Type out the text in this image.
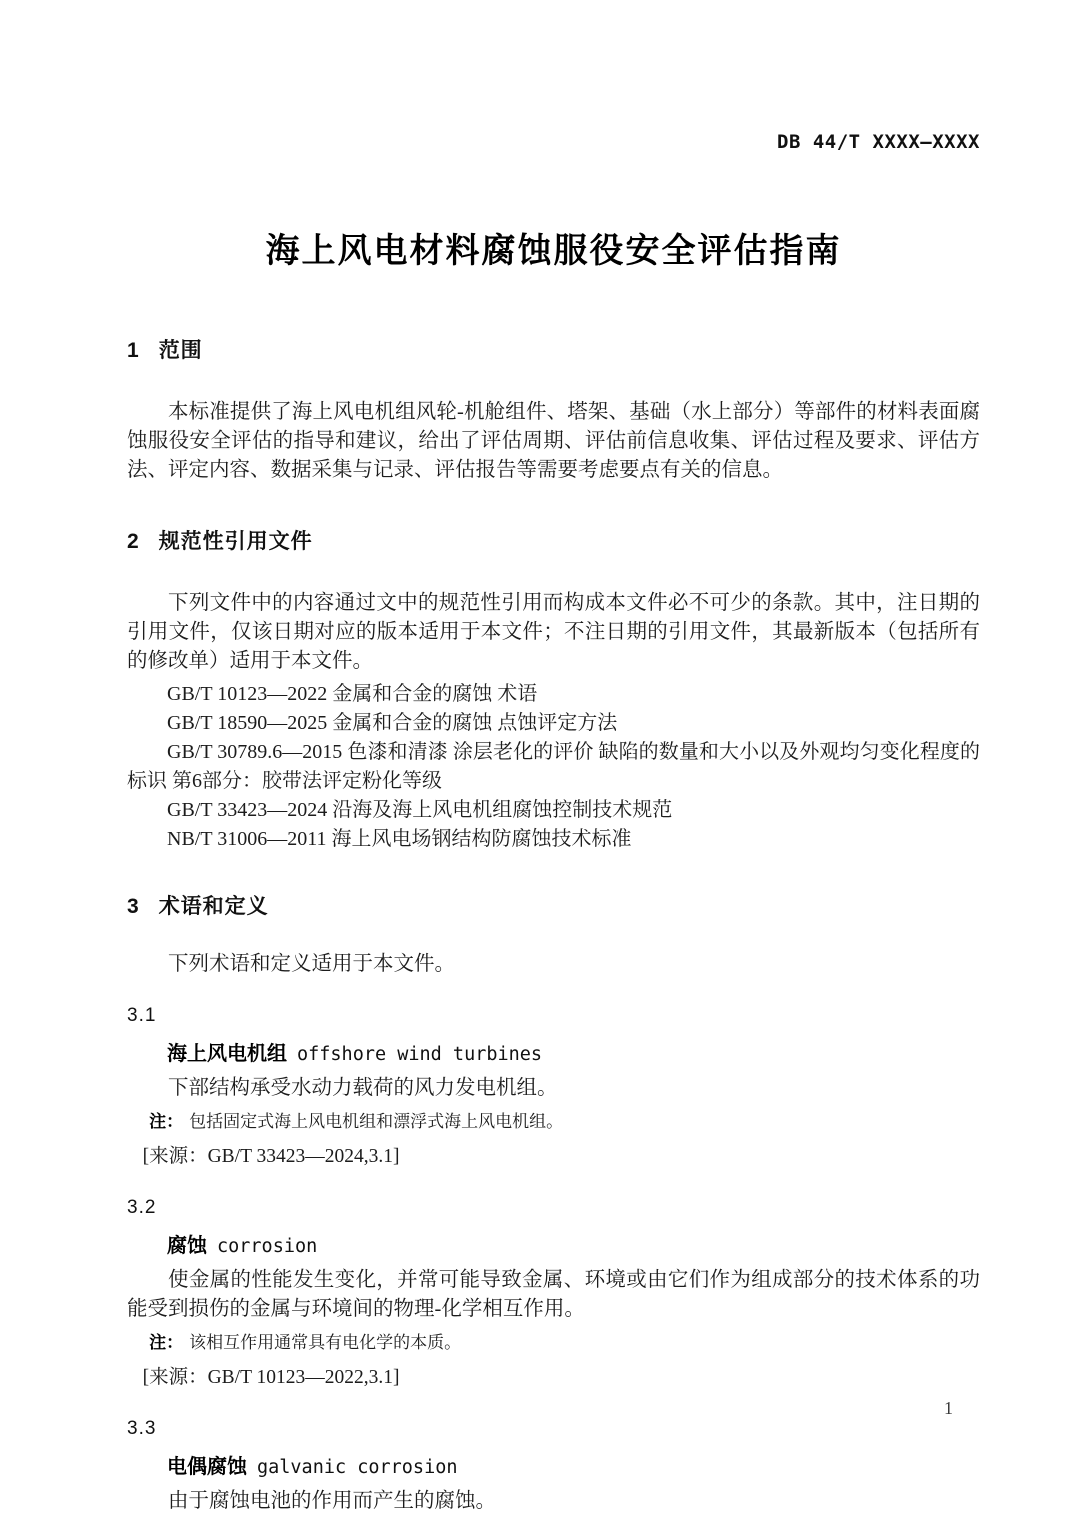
DB 44/T XXXX—XXXX
海上风电材料腐蚀服役安全评估指南
1 范围

本标准提供了海上风电机组风轮-机舱组件、塔架、基础（水上部分）等部件的材料表面腐蚀服役安全评估的指导和建议，给出了评估周期、评估前信息收集、评估过程及要求、评估方法、评定内容、数据采集与记录、评估报告等需要考虑要点有关的信息。

2 规范性引用文件

下列文件中的内容通过文中的规范性引用而构成本文件必不可少的条款。其中，注日期的引用文件，仅该日期对应的版本适用于本文件；不注日期的引用文件，其最新版本（包括所有的修改单）适用于本文件。

GB/T 10123—2022 金属和合金的腐蚀 术语

GB/T 18590—2025 金属和合金的腐蚀 点蚀评定方法

GB/T 30789.6—2015 色漆和清漆 涂层老化的评价 缺陷的数量和大小以及外观均匀变化程度的标识 第6部分：胶带法评定粉化等级

GB/T 33423—2024 沿海及海上风电机组腐蚀控制技术规范

NB/T 31006—2011 海上风电场钢结构防腐蚀技术标准

3 术语和定义

下列术语和定义适用于本文件。

3.1
海上风电机组 offshore wind turbines

下部结构承受水动力载荷的风力发电机组。

注： 包括固定式海上风电机组和漂浮式海上风电机组。

[来源：GB/T 33423—2024,3.1]

3.2
腐蚀 corrosion

使金属的性能发生变化，并常可能导致金属、环境或由它们作为组成部分的技术体系的功能受到损伤的金属与环境间的物理-化学相互作用。

注： 该相互作用通常具有电化学的本质。

[来源：GB/T 10123—2022,3.1]

3.3
电偶腐蚀 galvanic corrosion

由于腐蚀电池的作用而产生的腐蚀。

1
